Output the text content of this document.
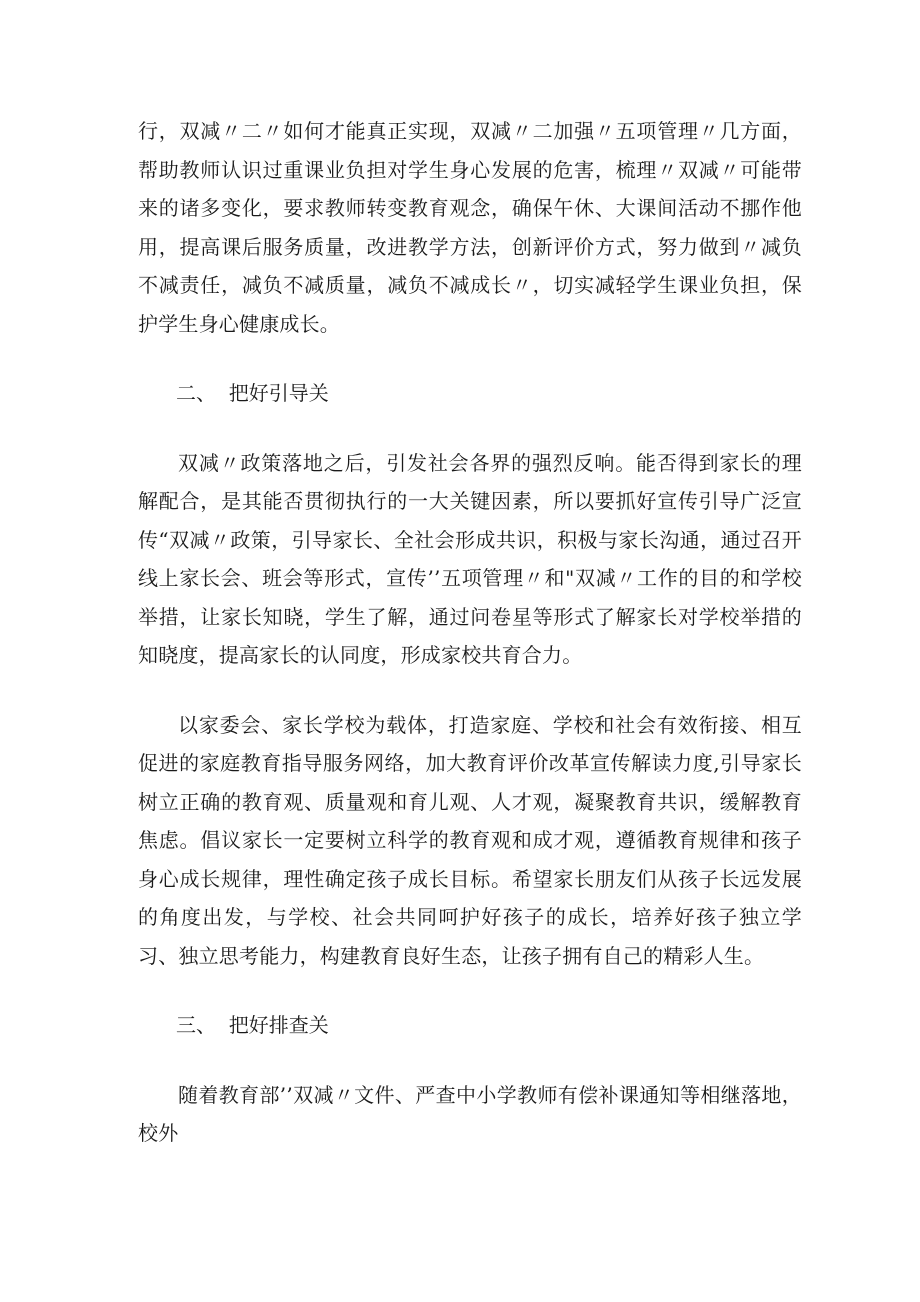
行，双减〃二〃如何才能真正实现，双减〃二加强〃五项管理〃几方面，帮助教师认识过重课业负担对学生身心发展的危害，梳理〃双减〃可能带来的诸多变化，要求教师转变教育观念，确保午休、大课间活动不挪作他用，提高课后服务质量，改进教学方法，创新评价方式，努力做到〃减负不减责任，减负不减质量，减负不减成长〃，切实减轻学生课业负担，保护学生身心健康成长。

二、  把好引导关

双减〃政策落地之后，引发社会各界的强烈反响。能否得到家长的理解配合，是其能否贯彻执行的一大关键因素，所以要抓好宣传引导广泛宣传“双减〃政策，引导家长、全社会形成共识，积极与家长沟通，通过召开线上家长会、班会等形式，宣传’’五项管理〃和"双减〃工作的目的和学校举措，让家长知晓，学生了解，通过问卷星等形式了解家长对学校举措的知晓度，提高家长的认同度，形成家校共育合力。

以家委会、家长学校为载体，打造家庭、学校和社会有效衔接、相互促进的家庭教育指导服务网络，加大教育评价改革宣传解读力度,引导家长树立正确的教育观、质量观和育儿观、人才观，凝聚教育共识，缓解教育焦虑。倡议家长一定要树立科学的教育观和成才观，遵循教育规律和孩子身心成长规律，理性确定孩子成长目标。希望家长朋友们从孩子长远发展的角度出发，与学校、社会共同呵护好孩子的成长，培养好孩子独立学习、独立思考能力，构建教育良好生态，让孩子拥有自己的精彩人生。

三、  把好排查关

随着教育部’’双减〃文件、严查中小学教师有偿补课通知等相继落地，校外
